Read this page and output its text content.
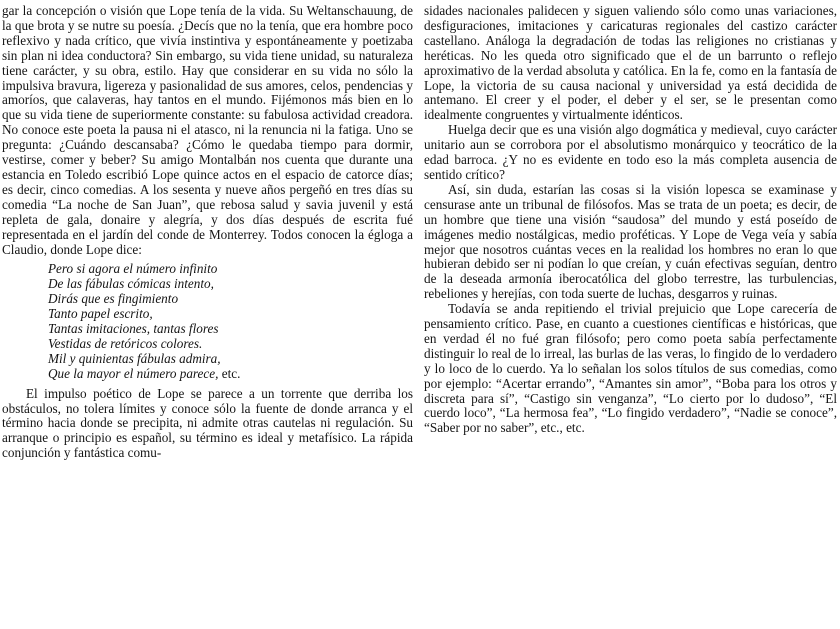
gar la concepción o visión que Lope tenía de la vida. Su Weltanschauung, de la que brota y se nutre su poesía. ¿Decís que no la tenía, que era hombre poco reflexivo y nada crítico, que vivía instintiva y espontáneamente y poetizaba sin plan ni idea conductora? Sin embargo, su vida tiene unidad, su naturaleza tiene carácter, y su obra, estilo. Hay que considerar en su vida no sólo la impulsiva bravura, ligereza y pasionalidad de sus amores, celos, pendencias y amoríos, que calaveras, hay tantos en el mundo. Fijémonos más bien en lo que su vida tiene de superiormente constante: su fabulosa actividad creadora. No conoce este poeta la pausa ni el atasco, ni la renuncia ni la fatiga. Uno se pregunta: ¿Cuándo descansaba? ¿Cómo le quedaba tiempo para dormir, vestirse, comer y beber? Su amigo Montalbán nos cuenta que durante una estancia en Toledo escribió Lope quince actos en el espacio de catorce días; es decir, cinco comedias. A los sesenta y nueve años pergeñó en tres días su comedia “La noche de San Juan”, que rebosa salud y savia juvenil y está repleta de gala, donaire y alegría, y dos días después de escrita fué representada en el jardín del conde de Monterrey. Todos conocen la égloga a Claudio, donde Lope dice:

Pero si agora el número infinito
De las fábulas cómicas intento,
Dirás que es fingimiento
Tanto papel escrito,
Tantas imitaciones, tantas flores
Vestidas de retóricos colores.
Mil y quinientas fábulas admira,
Que la mayor el número parece, etc.

El impulso poético de Lope se parece a un torrente que derriba los obstáculos, no tolera límites y conoce sólo la fuente de donde arranca y el término hacia donde se precipita, ni admite otras cautelas ni regulación. Su arranque o principio es español, su término es ideal y metafísico. La rápida conjunción y fantástica comu-

sidades nacionales palidecen y siguen valiendo sólo como unas variaciones, desfiguraciones, imitaciones y caricaturas regionales del castizo carácter castellano. Análoga la degradación de todas las religiones no cristianas y heréticas. No les queda otro significado que el de un barrunto o reflejo aproximativo de la verdad absoluta y católica. En la fe, como en la fantasía de Lope, la victoria de su causa nacional y universidad ya está decidida de antemano. El creer y el poder, el deber y el ser, se le presentan como idealmente congruentes y virtualmente idénticos.

Huelga decir que es una visión algo dogmática y medieval, cuyo carácter unitario aun se corrobora por el absolutismo monárquico y teocrático de la edad barroca. ¿Y no es evidente en todo eso la más completa ausencia de sentido crítico?

Así, sin duda, estarían las cosas si la visión lopesca se examinase y censurase ante un tribunal de filósofos. Mas se trata de un poeta; es decir, de un hombre que tiene una visión “saudosa” del mundo y está poseído de imágenes medio nostálgicas, medio proféticas. Y Lope de Vega veía y sabía mejor que nosotros cuántas veces en la realidad los hombres no eran lo que hubieran debido ser ni podían lo que creían, y cuán efectivas seguían, dentro de la deseada armonía iberocatólica del globo terrestre, las turbulencias, rebeliones y herejías, con toda suerte de luchas, desgarros y ruinas.

Todavía se anda repitiendo el trivial prejuicio que Lope carecería de pensamiento crítico. Pase, en cuanto a cuestiones científicas e históricas, que en verdad él no fué gran filósofo; pero como poeta sabía perfectamente distinguir lo real de lo irreal, las burlas de las veras, lo fingido de lo verdadero y lo loco de lo cuerdo. Ya lo señalan los solos títulos de sus comedias, como por ejemplo: “Acertar errando”, “Amantes sin amor”, “Boba para los otros y discreta para sí”, “Castigo sin venganza”, “Lo cierto por lo dudoso”, “El cuerdo loco”, “La hermosa fea”, “Lo fingido verdadero”, “Nadie se conoce”, “Saber por no saber”, etc., etc.
